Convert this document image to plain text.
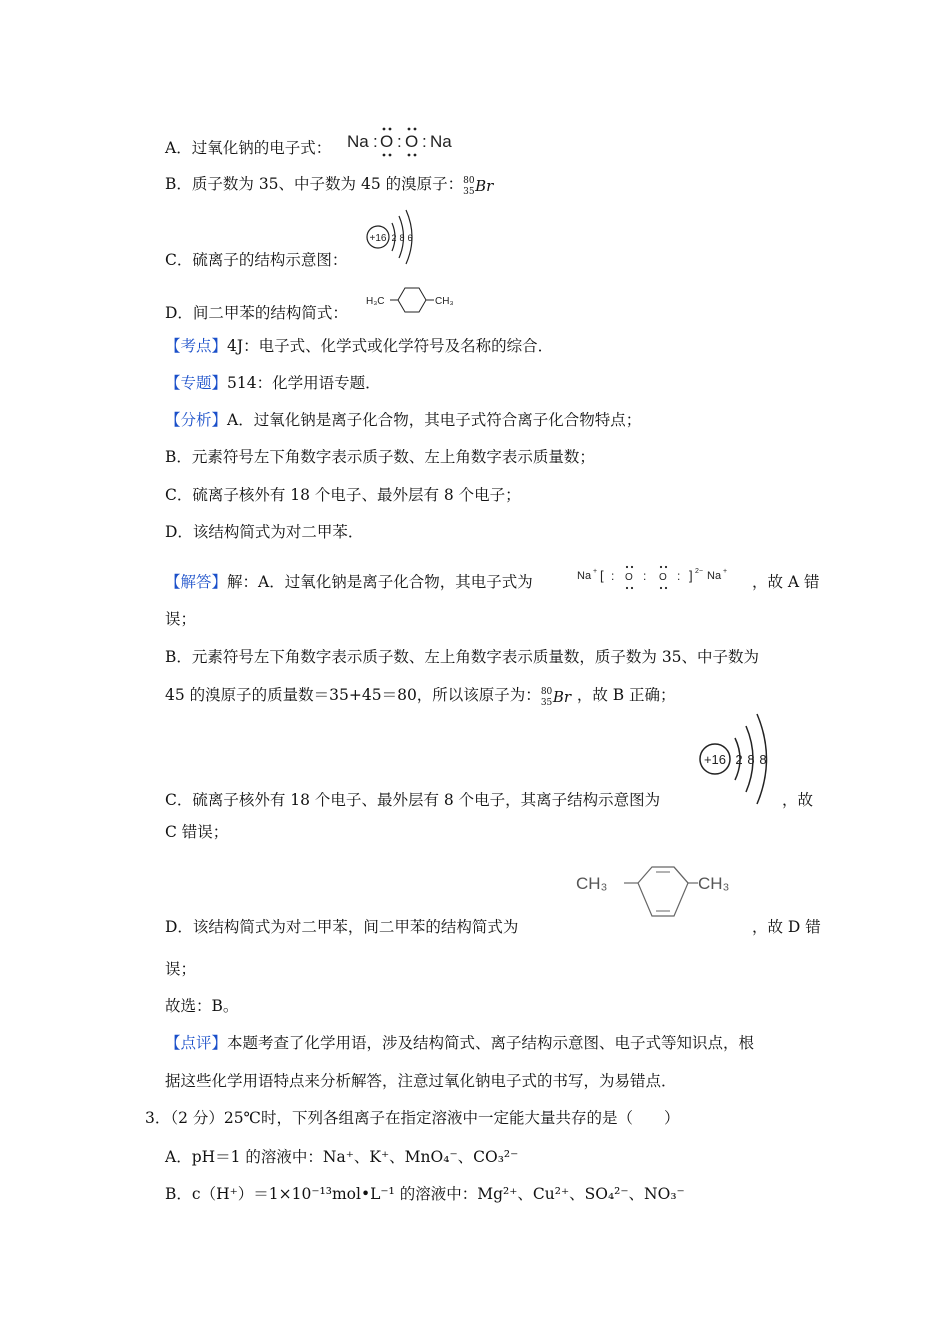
A．过氧化钠的电子式： Na : O : O : Na
B．质子数为 35、中子数为 45 的溴原子： 80
35 Br
C．硫离子的结构示意图：
+16 2 8 6
D．间二甲苯的结构简式：
H₃C	CH₃
【考点】4J：电子式、化学式或化学符号及名称的综合．
【专题】514：化学用语专题．
【分析】A．过氧化钠是离子化合物，其电子式符合离子化合物特点；
B．元素符号左下角数字表示质子数、左上角数字表示质量数；
C．硫离子核外有 18 个电子、最外层有 8 个电子；
D．该结构简式为对二甲苯．
【解答】解：A．过氧化钠是离子化合物，其电子式为	Na + [ : O : O : ] 2− Na +
，故 A 错
误；
B．元素符号左下角数字表示质子数、左上角数字表示质量数，质子数为 35、中子数为
45 的溴原子的质量数＝35+45＝80，所以该原子为： 80
35 Br ，故 B 正确；
+16 2 8 8
C．硫离子核外有 18 个电子、最外层有 8 个电子，其离子结构示意图为	，故
C 错误；
CH₃	CH₃
D．该结构简式为对二甲苯，间二甲苯的结构简式为	，故 D 错
误；
故选：B。
【点评】本题考查了化学用语，涉及结构简式、离子结构示意图、电子式等知识点，根
据这些化学用语特点来分析解答，注意过氧化钠电子式的书写，为易错点．
3．（2 分）25℃时，下列各组离子在指定溶液中一定能大量共存的是（　　）
A．pH＝1 的溶液中：Na⁺、K⁺、MnO₄⁻、CO₃²⁻
B．c（H⁺）＝1×10⁻¹³mol•L⁻¹ 的溶液中：Mg²⁺、Cu²⁺、SO₄²⁻、NO₃⁻
